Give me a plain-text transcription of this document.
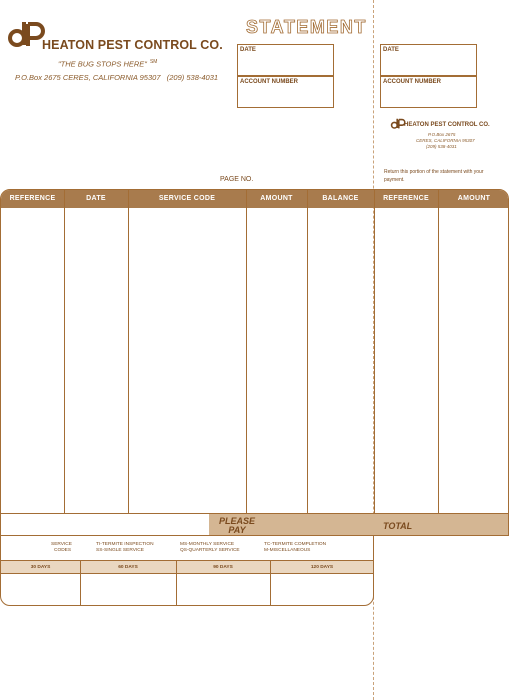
HEATON PEST CONTROL CO.
"THE BUG STOPS HERE" ℠
P.O.Box 2675 CERES, CALIFORNIA 95307 (209) 538-4031
STATEMENT
DATE
ACCOUNT NUMBER
DATE
ACCOUNT NUMBER
HEATON PEST CONTROL CO.
P.O.Box 2675
CERES, CALIFORNIA 95307
(209) 538-4031
Return this portion of the statement with your payment.
PAGE NO.
REFERENCE	DATE	SERVICE CODE	AMOUNT	BALANCE	REFERENCE	AMOUNT
PLEASE PAY	TOTAL
SERVICE
CODES
TI-TERMITE INSPECTION
SS-SINGLE SERVICE
MS-MONTHLY SERVICE
QS-QUARTERLY SERVICE
TC-TERMITE COMPLETION
M-MISCELLANEOUS
30 DAYS	60 DAYS	90 DAYS	120 DAYS
